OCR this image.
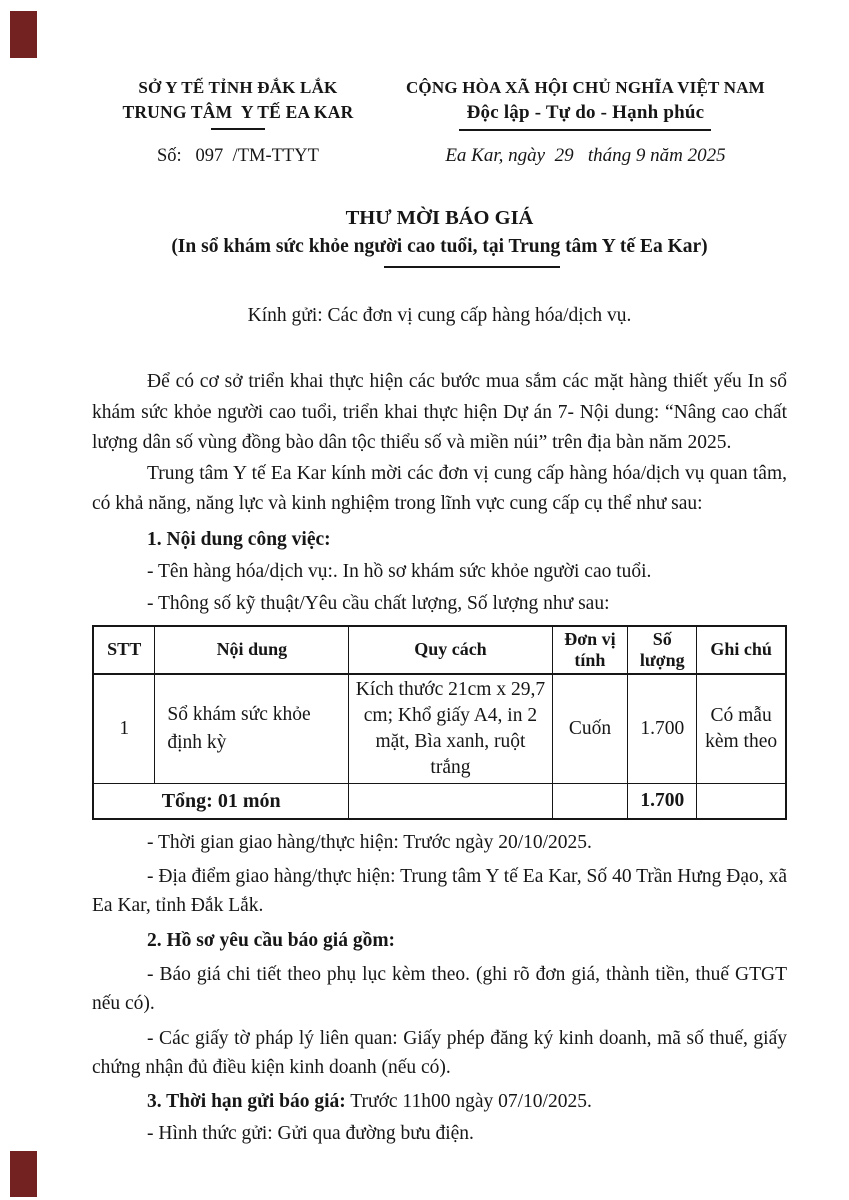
SỞ Y TẾ TỈNH ĐẮK LẮK
TRUNG TÂM  Y TẾ EA KAR
Số:   097  /TM-TTYT
CỘNG HÒA XÃ HỘI CHỦ NGHĨA VIỆT NAM
Độc lập - Tự do - Hạnh phúc
Ea Kar, ngày  29   tháng 9 năm 2025
THƯ MỜI BÁO GIÁ
(In sổ khám sức khỏe người cao tuổi, tại Trung tâm Y tế Ea Kar)
Kính gửi: Các đơn vị cung cấp hàng hóa/dịch vụ.

Để có cơ sở triển khai thực hiện các bước mua sắm các mặt hàng thiết yếu In sổ khám sức khỏe người cao tuổi, triển khai thực hiện Dự án 7- Nội dung: “Nâng cao chất lượng dân số vùng đồng bào dân tộc thiểu số và miền núi” trên địa bàn năm 2025.

Trung tâm Y tế Ea Kar kính mời các đơn vị cung cấp hàng hóa/dịch vụ quan tâm, có khả năng, năng lực và kinh nghiệm trong lĩnh vực cung cấp cụ thể như sau:

1. Nội dung công việc:
- Tên hàng hóa/dịch vụ:. In hồ sơ khám sức khỏe người cao tuổi.
- Thông số kỹ thuật/Yêu cầu chất lượng, Số lượng như sau:
STT	Nội dung	Quy cách	Đơn vị tính	Số lượng	Ghi chú
1	Sổ khám sức khỏe định kỳ	Kích thước 21cm x 29,7 cm; Khổ giấy A4, in 2 mặt, Bìa xanh, ruột trắng	Cuốn	1.700	Có mẫu kèm theo
Tổng: 01 món				1.700	
- Thời gian giao hàng/thực hiện: Trước ngày 20/10/2025.
- Địa điểm giao hàng/thực hiện: Trung tâm Y tế Ea Kar, Số 40 Trần Hưng Đạo, xã Ea Kar, tỉnh Đắk Lắk.
2. Hồ sơ yêu cầu báo giá gồm:
- Báo giá chi tiết theo phụ lục kèm theo. (ghi rõ đơn giá, thành tiền, thuế GTGT nếu có).
- Các giấy tờ pháp lý liên quan: Giấy phép đăng ký kinh doanh, mã số thuế, giấy chứng nhận đủ điều kiện kinh doanh (nếu có).
3. Thời hạn gửi báo giá: Trước 11h00 ngày 07/10/2025.
- Hình thức gửi: Gửi qua đường bưu điện.
